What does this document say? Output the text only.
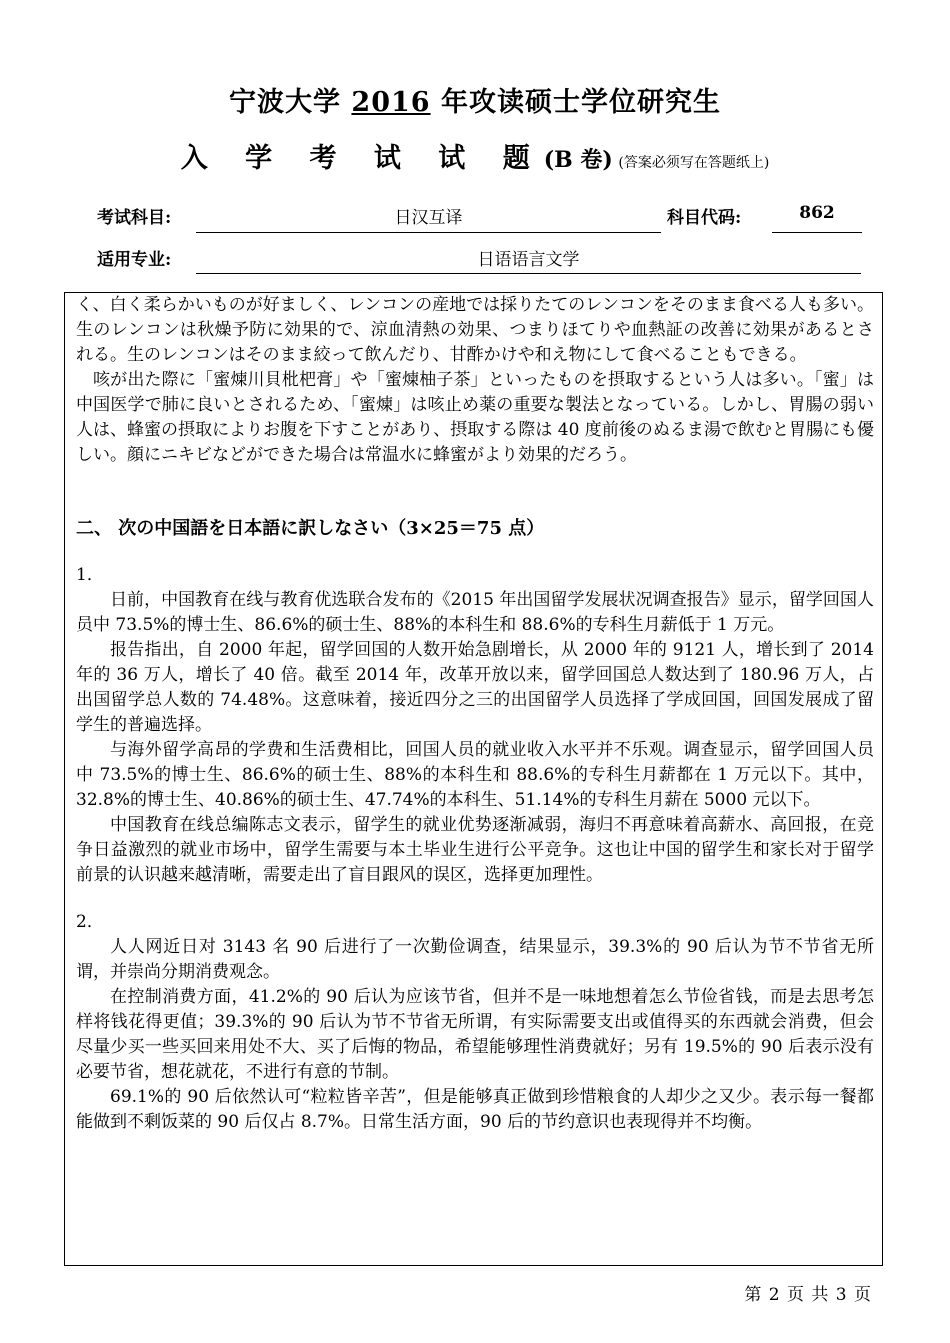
宁波大学 2016 年攻读硕士学位研究生
入 学 考 试 试 题(B 卷) (答案必须写在答题纸上)
考试科目:	日汉互译	科目代码:	862
适用专业:	日语语言文学

く、白く柔らかいものが好ましく、レンコンの産地では採りたてのレンコンをそのまま食べる人も多い。生のレンコンは秋燥予防に効果的で、涼血清熱の効果、つまりほてりや血熱証の改善に効果があるとされる。生のレンコンはそのまま絞って飲んだり、甘酢かけや和え物にして食べることもできる。

咳が出た際に「蜜煉川貝枇杷膏」や「蜜煉柚子茶」といったものを摂取するという人は多い。「蜜」は中国医学で肺に良いとされるため、「蜜煉」は咳止め薬の重要な製法となっている。しかし、胃腸の弱い人は、蜂蜜の摂取によりお腹を下すことがあり、摂取する際は 40 度前後のぬるま湯で飲むと胃腸にも優しい。顔にニキビなどができた場合は常温水に蜂蜜がより効果的だろう。

二、 次の中国語を日本語に訳しなさい（3×25＝75 点）

1．

日前，中国教育在线与教育优选联合发布的《2015 年出国留学发展状况调查报告》显示，留学回国人员中 73.5%的博士生、86.6%的硕士生、88%的本科生和 88.6%的专科生月薪低于 1 万元。

报告指出，自 2000 年起，留学回国的人数开始急剧增长，从 2000 年的 9121 人，增长到了 2014 年的 36 万人，增长了 40 倍。截至 2014 年，改革开放以来，留学回国总人数达到了 180.96 万人，占出国留学总人数的 74.48%。这意味着，接近四分之三的出国留学人员选择了学成回国，回国发展成了留学生的普遍选择。

与海外留学高昂的学费和生活费相比，回国人员的就业收入水平并不乐观。调查显示，留学回国人员中 73.5%的博士生、86.6%的硕士生、88%的本科生和 88.6%的专科生月薪都在 1 万元以下。其中，32.8%的博士生、40.86%的硕士生、47.74%的本科生、51.14%的专科生月薪在 5000 元以下。

中国教育在线总编陈志文表示，留学生的就业优势逐渐减弱，海归不再意味着高薪水、高回报，在竞争日益激烈的就业市场中，留学生需要与本土毕业生进行公平竞争。这也让中国的留学生和家长对于留学前景的认识越来越清晰，需要走出了盲目跟风的误区，选择更加理性。

2．

人人网近日对 3143 名 90 后进行了一次勤俭调查，结果显示，39.3%的 90 后认为节不节省无所谓，并崇尚分期消费观念。

在控制消费方面，41.2%的 90 后认为应该节省，但并不是一味地想着怎么节俭省钱，而是去思考怎样将钱花得更值；39.3%的 90 后认为节不节省无所谓，有实际需要支出或值得买的东西就会消费，但会尽量少买一些买回来用处不大、买了后悔的物品，希望能够理性消费就好；另有 19.5%的 90 后表示没有必要节省，想花就花，不进行有意的节制。

69.1%的 90 后依然认可“粒粒皆辛苦”，但是能够真正做到珍惜粮食的人却少之又少。表示每一餐都能做到不剩饭菜的 90 后仅占 8.7%。日常生活方面，90 后的节约意识也表现得并不均衡。

第 2 页 共 3 页
